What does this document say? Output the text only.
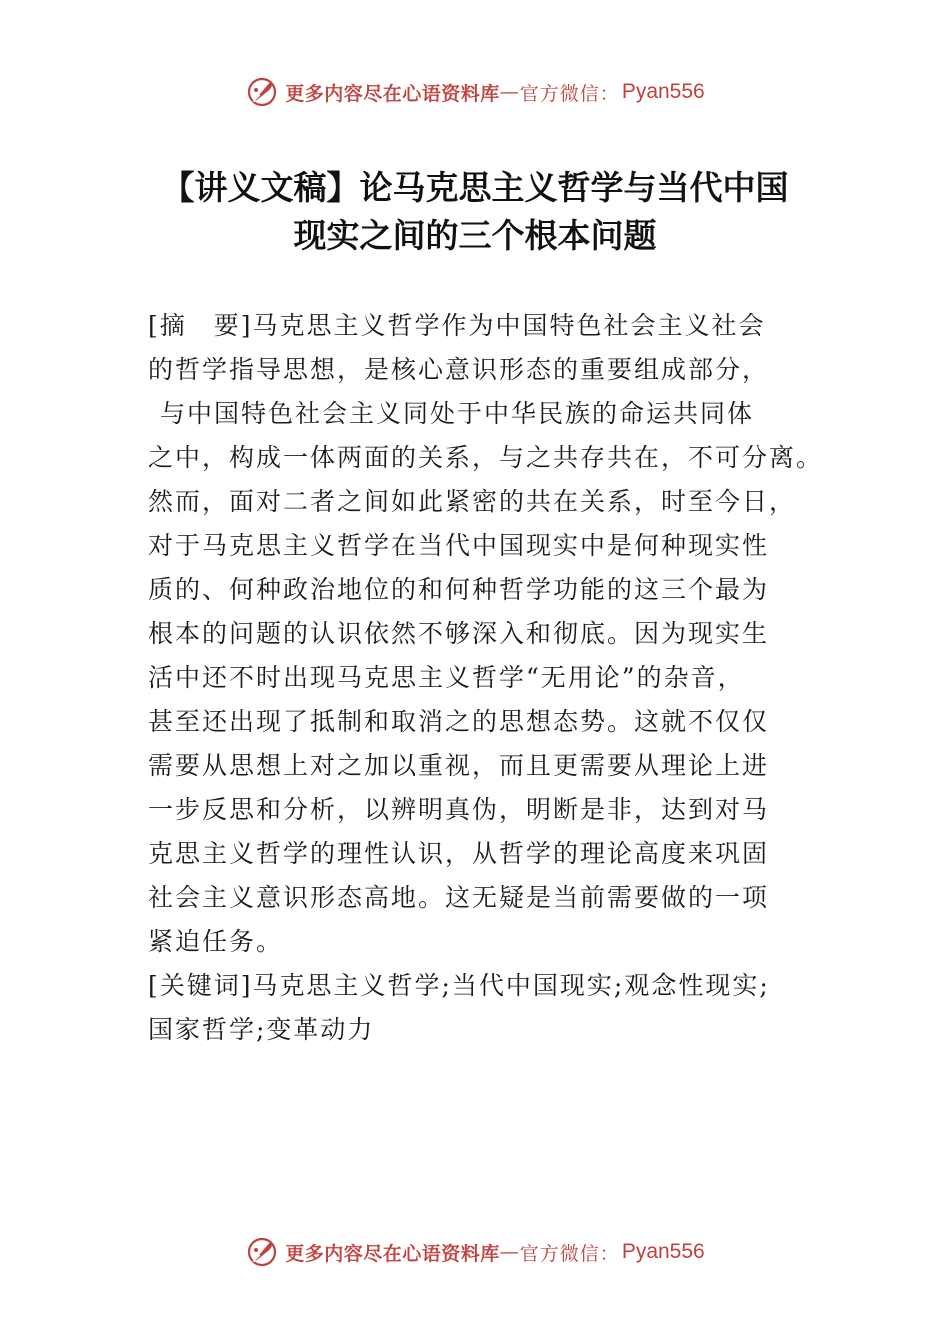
更多内容尽在心语资料库 — 官方微信： Pyan556
【讲义文稿】论马克思主义哲学与当代中国
现实之间的三个根本问题
[摘　要]马克思主义哲学作为中国特色社会主义社会
的哲学指导思想，是核心意识形态的重要组成部分，
与中国特色社会主义同处于中华民族的命运共同体
之中，构成一体两面的关系，与之共存共在，不可分离。
然而，面对二者之间如此紧密的共在关系，时至今日，
对于马克思主义哲学在当代中国现实中是何种现实性
质的、何种政治地位的和何种哲学功能的这三个最为
根本的问题的认识依然不够深入和彻底。因为现实生
活中还不时出现马克思主义哲学“无用论”的杂音，
甚至还出现了抵制和取消之的思想态势。这就不仅仅
需要从思想上对之加以重视，而且更需要从理论上进
一步反思和分析，以辨明真伪，明断是非，达到对马
克思主义哲学的理性认识，从哲学的理论高度来巩固
社会主义意识形态高地。这无疑是当前需要做的一项
紧迫任务。
[关键词]马克思主义哲学;当代中国现实;观念性现实;
国家哲学;变革动力
更多内容尽在心语资料库 — 官方微信： Pyan556
